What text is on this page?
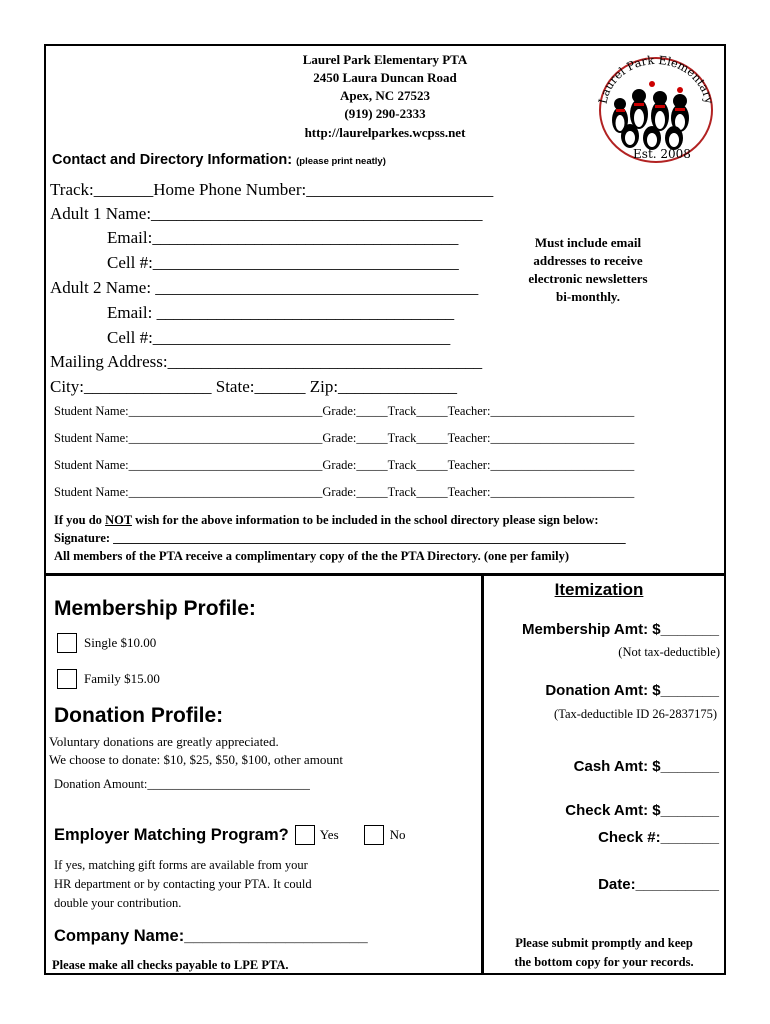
Laurel Park Elementary PTA
2450 Laura Duncan Road
Apex, NC 27523
(919) 290-2333
http://laurelparkes.wcpss.net
Laurel Park Elementary
Est. 2008
Contact and Directory Information: (please print neatly)
Track:_______Home Phone Number:______________________
Adult 1 Name:_______________________________________
Email:____________________________________
Cell #:____________________________________
Adult 2 Name: ______________________________________
Email: ___________________________________
Cell #:___________________________________
Mailing Address:_____________________________________
City:_______________ State:______ Zip:______________
Must include email
addresses to receive
electronic newsletters
bi-monthly.
Student Name:_______________________________Grade:_____Track_____Teacher:_______________________
Student Name:_______________________________Grade:_____Track_____Teacher:_______________________
Student Name:_______________________________Grade:_____Track_____Teacher:_______________________
Student Name:_______________________________Grade:_____Track_____Teacher:_______________________
If you do NOT wish for the above information to be included in the school directory please sign below:
Signature: __________________________________________________________________________________
All members of the PTA receive a complimentary copy of the the PTA Directory. (one per family)
Membership Profile:
Single $10.00
Family $15.00
Donation Profile:
Voluntary donations are greatly appreciated.
We choose to donate: $10, $25, $50, $100, other amount
Donation Amount:__________________________
Employer Matching Program? Yes	No
If yes, matching gift forms are available from your
HR department or by contacting your PTA. It could
double your contribution.
Company Name:____________________
Please make all checks payable to LPE PTA.
Itemization
Membership Amt: $_______
(Not tax-deductible)
Donation Amt: $_______
(Tax-deductible ID 26-2837175)
Cash Amt: $_______
Check Amt: $_______
Check #:_______
Date:__________
Please submit promptly and keep
the bottom copy for your records.
